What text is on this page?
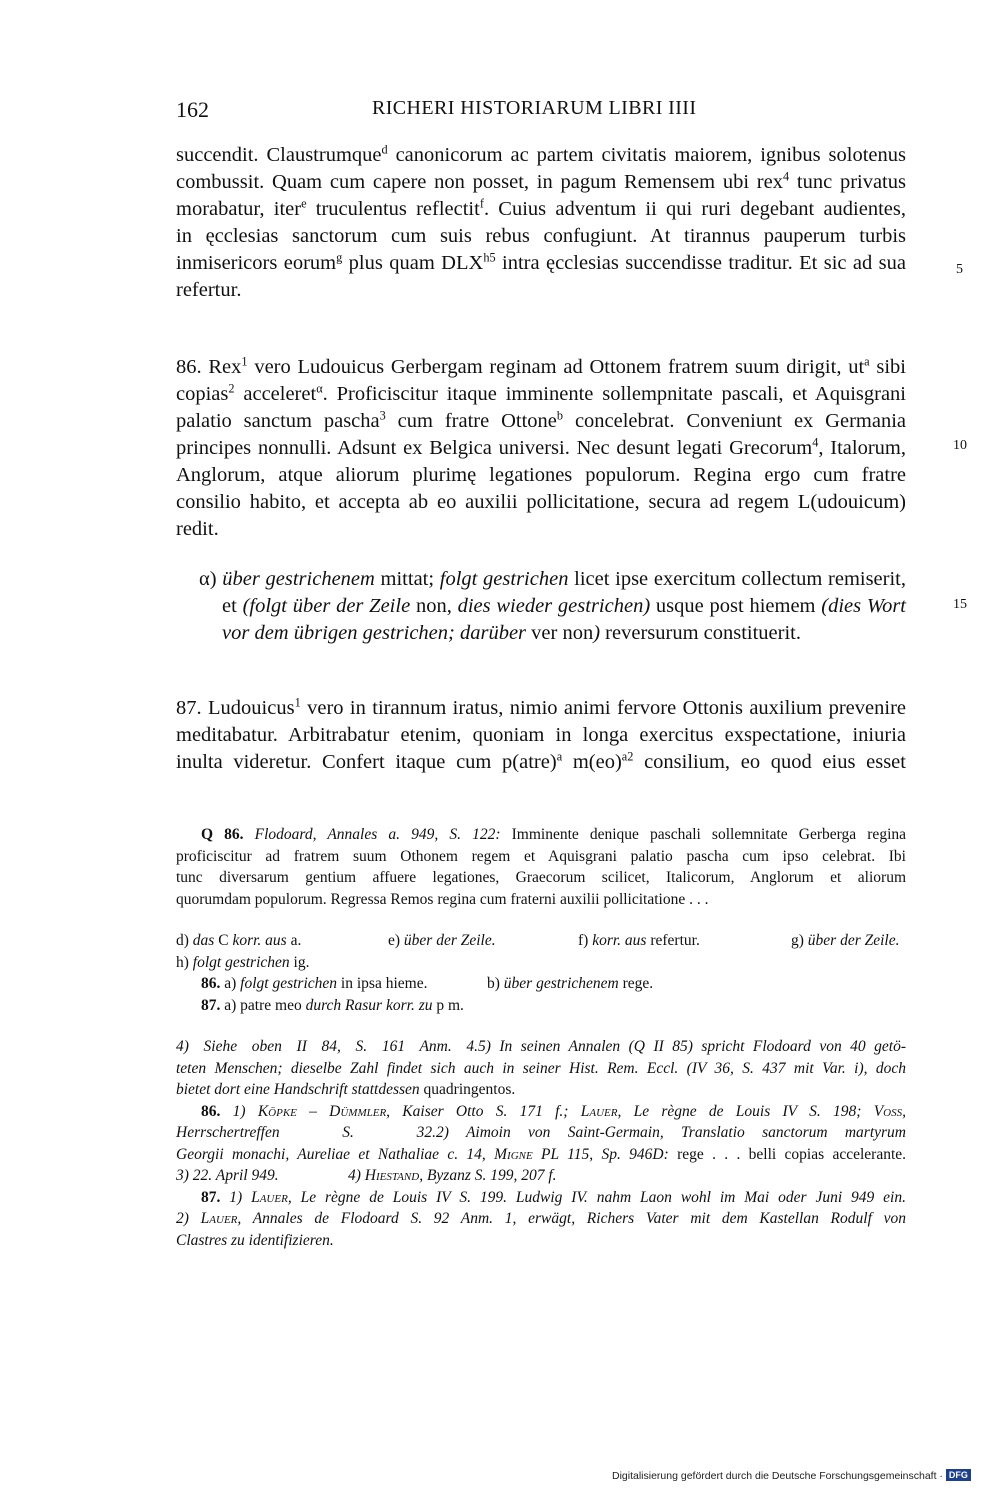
162	RICHERI HISTORIARUM LIBRI IIII
succendit. Claustrumque$^d$ canonicorum ac partem civitatis maiorem, ignibus solotenus
combussit. Quam cum capere non posset, in pagum Remensem ubi rex$^4$ tunc privatus
morabatur, iter$^e$ truculentus reflectit$^f$. Cuius adventum ii qui ruri degebant audientes,
in ęcclesias sanctorum cum suis rebus confugiunt. At tirannus pauperum turbis
inmisericors eorum$^g$ plus quam $DLX^{h5}$ intra ęcclesias succendisse traditur. Et sic ad sua
refertur.
5
86. Rex$^1$ vero Ludouicus Gerbergam reginam ad Ottonem fratrem suum dirigit, $ut^a$ sibi
copias$^2$ acceleret$^\alpha$. Proficiscitur itaque imminente sollempnitate pascali, et Aquisgrani
palatio sanctum pascha$^3$ cum fratre Ottone$^b$ concelebrat. Conveniunt ex Germania
principes nonnulli. Adsunt ex Belgica universi. Nec desunt legati Grecorum$^4$, Italorum,
Anglorum, atque aliorum plurimę legationes populorum. Regina ergo cum fratre
consilio habito, et accepta ab eo auxilii pollicitatione, secura ad regem L(udouicum)
redit.
10
α) über gestrichenem mittat; folgt gestrichen licet ipse exercitum collectum remiserit,
et (folgt über der Zeile non, dies wieder gestrichen) usque post hiemem (dies Wort
vor dem übrigen gestrichen; darüber ver non) reversurum constituerit.
15
87. Ludouicus$^1$ vero in tirannum iratus, nimio animi fervore Ottonis auxilium prevenire
meditabatur. Arbitrabatur etenim, quoniam in longa exercitus exspectatione, iniuria
inulta videretur. Confert itaque cum p(atre)$^a$ m(eo)$^{a2}$ consilium, eo quod eius esset
Q 86. Flodoard, Annales a. 949, S. 122: Imminente denique paschali sollemnitate Gerberga regina
proficiscitur ad fratrem suum Othonem regem et Aquisgrani palatio pascha cum ipso celebrat. Ibi
tunc diversarum gentium affuere legationes, Graecorum scilicet, Italicorum, Anglorum et aliorum
quorumdam populorum. Regressa Remos regina cum fraterni auxilii pollicitatione . . .
d) das C korr. aus a.	e) über der Zeile.	f) korr. aus refertur.	g) über der Zeile.
h) folgt gestrichen ig.
86. a) folgt gestrichen in ipsa hieme.	b) über gestrichenem rege.
87. a) patre meo durch Rasur korr. zu p m.
4) Siehe oben II 84, S. 161 Anm. 4.5) In seinen Annalen (Q II 85) spricht Flodoard von 40 getö-
teten Menschen; dieselbe Zahl findet sich auch in seiner Hist. Rem. Eccl. (IV 36, S. 437 mit Var. i), doch
bietet dort eine Handschrift stattdessen quadringentos.
86. 1) Köpke – Dümmler, Kaiser Otto S. 171 f.; Lauer, Le règne de Louis IV S. 198; Voss,
Herrschertreffen S. 32.2) Aimoin von Saint-Germain, Translatio sanctorum martyrum
Georgii monachi, Aureliae et Nathaliae c. 14, Migne PL 115, Sp. 946D: rege . . . belli copias accelerante.
3) 22. April 949.	4) Hiestand, Byzanz S. 199, 207 f.
87. 1) Lauer, Le règne de Louis IV S. 199. Ludwig IV. nahm Laon wohl im Mai oder Juni 949 ein.
2) Lauer, Annales de Flodoard S. 92 Anm. 1, erwägt, Richers Vater mit dem Kastellan Rodulf von
Clastres zu identifizieren.
Digitalisierung gefördert durch die Deutsche Forschungsgemeinschaft · DFG
